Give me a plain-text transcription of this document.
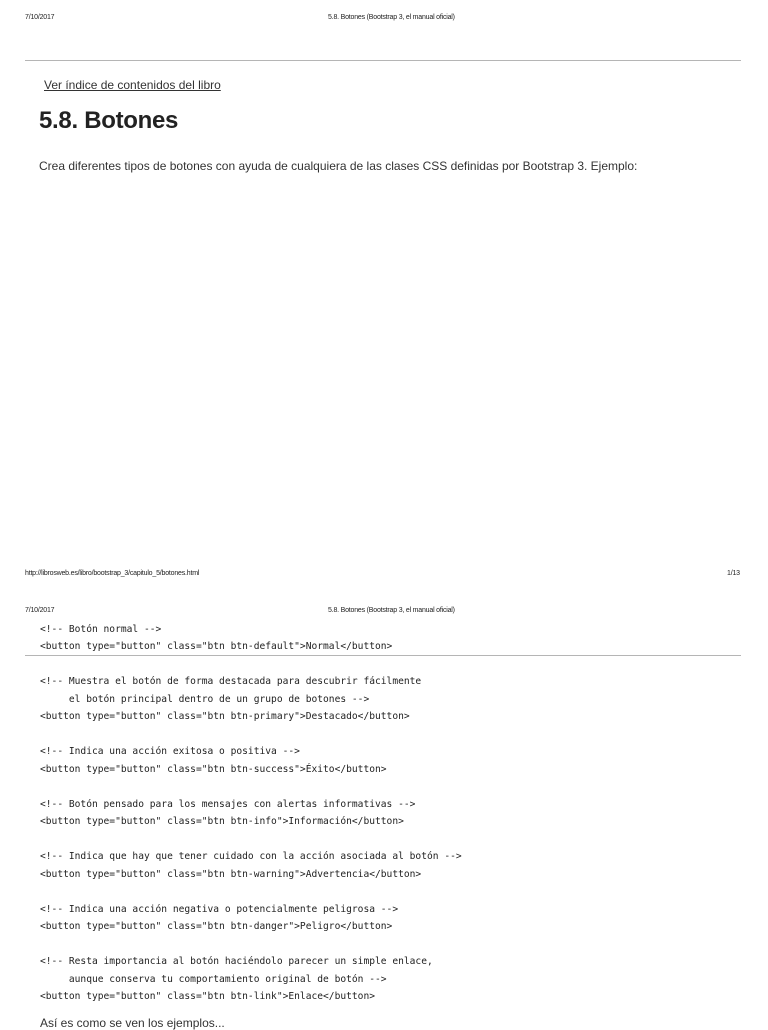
7/10/2017	5.8. Botones (Bootstrap 3, el manual oficial)
Ver índice de contenidos del libro
5.8. Botones
Crea diferentes tipos de botones con ayuda de cualquiera de las clases CSS definidas por Bootstrap 3. Ejemplo:
http://librosweb.es/libro/bootstrap_3/capitulo_5/botones.html	1/13
7/10/2017	5.8. Botones (Bootstrap 3, el manual oficial)
<!-- Botón normal -->
<button type="button" class="btn btn-default">Normal</button>
<!-- Muestra el botón de forma destacada para descubrir fácilmente
el botón principal dentro de un grupo de botones -->
<button type="button" class="btn btn-primary">Destacado</button>
<!-- Indica una acción exitosa o positiva -->
<button type="button" class="btn btn-success">Éxito</button>
<!-- Botón pensado para los mensajes con alertas informativas -->
<button type="button" class="btn btn-info">Información</button>
<!-- Indica que hay que tener cuidado con la acción asociada al botón -->
<button type="button" class="btn btn-warning">Advertencia</button>
<!-- Indica una acción negativa o potencialmente peligrosa -->
<button type="button" class="btn btn-danger">Peligro</button>
<!-- Resta importancia al botón haciéndolo parecer un simple enlace,
aunque conserva tu comportamiento original de botón -->
<button type="button" class="btn btn-link">Enlace</button>
Así es como se ven los ejemplos...
